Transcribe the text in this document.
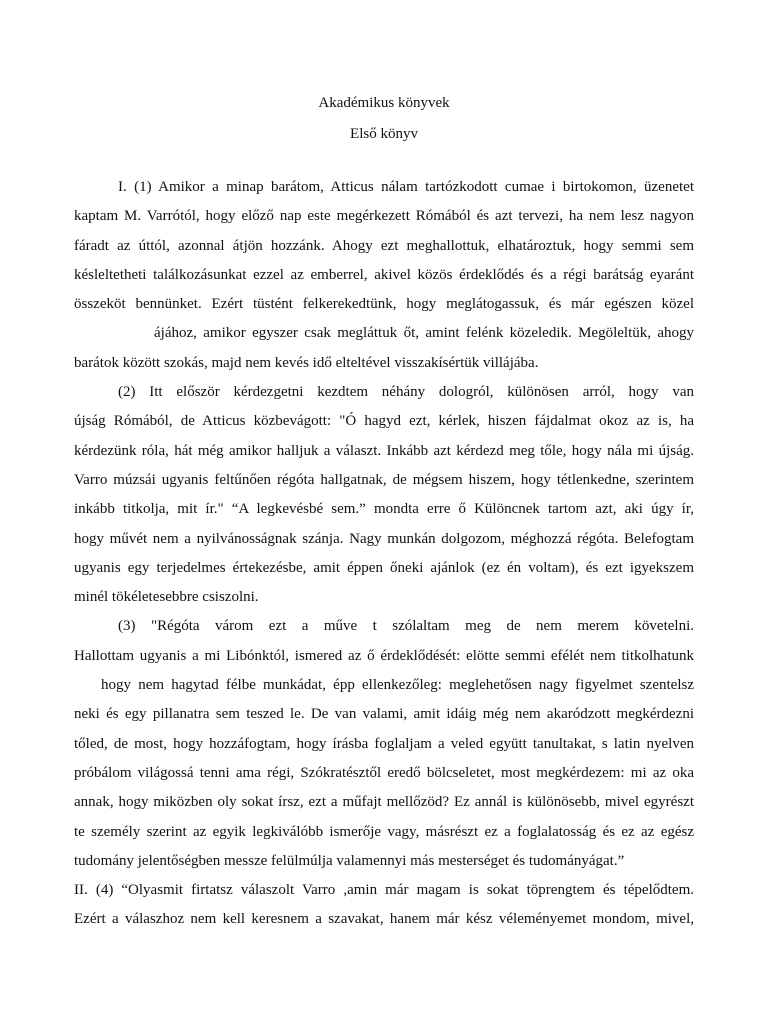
Akadémikus könyvek

Első könyv

I. (1) Amikor a minap barátom, Atticus nálam tartózkodott cumae i birtokomon, üzenetet
kaptam M. Varrótól, hogy előző nap este megérkezett Rómából és azt tervezi, ha nem lesz nagyon
fáradt az úttól, azonnal átjön hozzánk. Ahogy ezt meghallottuk, elhatároztuk, hogy semmi sem
késleltetheti találkozásunkat ezzel az emberrel, akivel közös érdeklődés és a régi barátság eyaránt
összeköt bennünket. Ezért tüstént felkerekedtünk, hogy meglátogassuk, és már egészen közel
ájához, amikor egyszer csak megláttuk őt, amint felénk közeledik. Megöleltük, ahogy
barátok között szokás, majd nem kevés idő elteltével visszakísértük villájába.
(2) Itt először kérdezgetni kezdtem néhány dologról, különösen arról, hogy van
újság Rómából, de Atticus közbevágott: "Ó hagyd ezt, kérlek, hiszen fájdalmat okoz az is, ha
kérdezünk róla, hát még amikor halljuk a választ. Inkább azt kérdezd meg tőle, hogy nála mi újság.
Varro múzsái ugyanis feltűnően régóta hallgatnak, de mégsem hiszem, hogy tétlenkedne, szerintem
inkább titkolja, mit ír." “A legkevésbé sem.” mondta erre ő Különcnek tartom azt, aki úgy ír,
hogy művét nem a nyilvánosságnak szánja. Nagy munkán dolgozom, méghozzá régóta. Belefogtam
ugyanis egy terjedelmes értekezésbe, amit éppen őneki ajánlok (ez én voltam), és ezt igyekszem
minél tökéletesebbre csiszolni.
(3) "Régóta várom ezt a műve t szólaltam meg de nem merem követelni.
Hallottam ugyanis a mi Libónktól, ismered az ő érdeklődését: elötte semmi efélét nem titkolhatunk
hogy nem hagytad félbe munkádat, épp ellenkezőleg: meglehetősen nagy figyelmet szentelsz
neki és egy pillanatra sem teszed le. De van valami, amit idáig még nem akaródzott megkérdezni
tőled, de most, hogy hozzáfogtam, hogy írásba foglaljam a veled együtt tanultakat, s latin nyelven
próbálom világossá tenni ama régi, Szókratésztől eredő bölcseletet, most megkérdezem: mi az oka
annak, hogy miközben oly sokat írsz, ezt a műfajt mellőzöd? Ez annál is különösebb, mivel egyrészt
te személy szerint az egyik legkiválóbb ismerője vagy, másrészt ez a foglalatosság és ez az egész
tudomány jelentőségben messze felülmúlja valamennyi más mesterséget és tudományágat.”
II. (4) “Olyasmit firtatsz válaszolt Varro ,amin már magam is sokat töprengtem és tépelődtem.
Ezért a válaszhoz nem kell keresnem a szavakat, hanem már kész véleményemet mondom, mivel,
